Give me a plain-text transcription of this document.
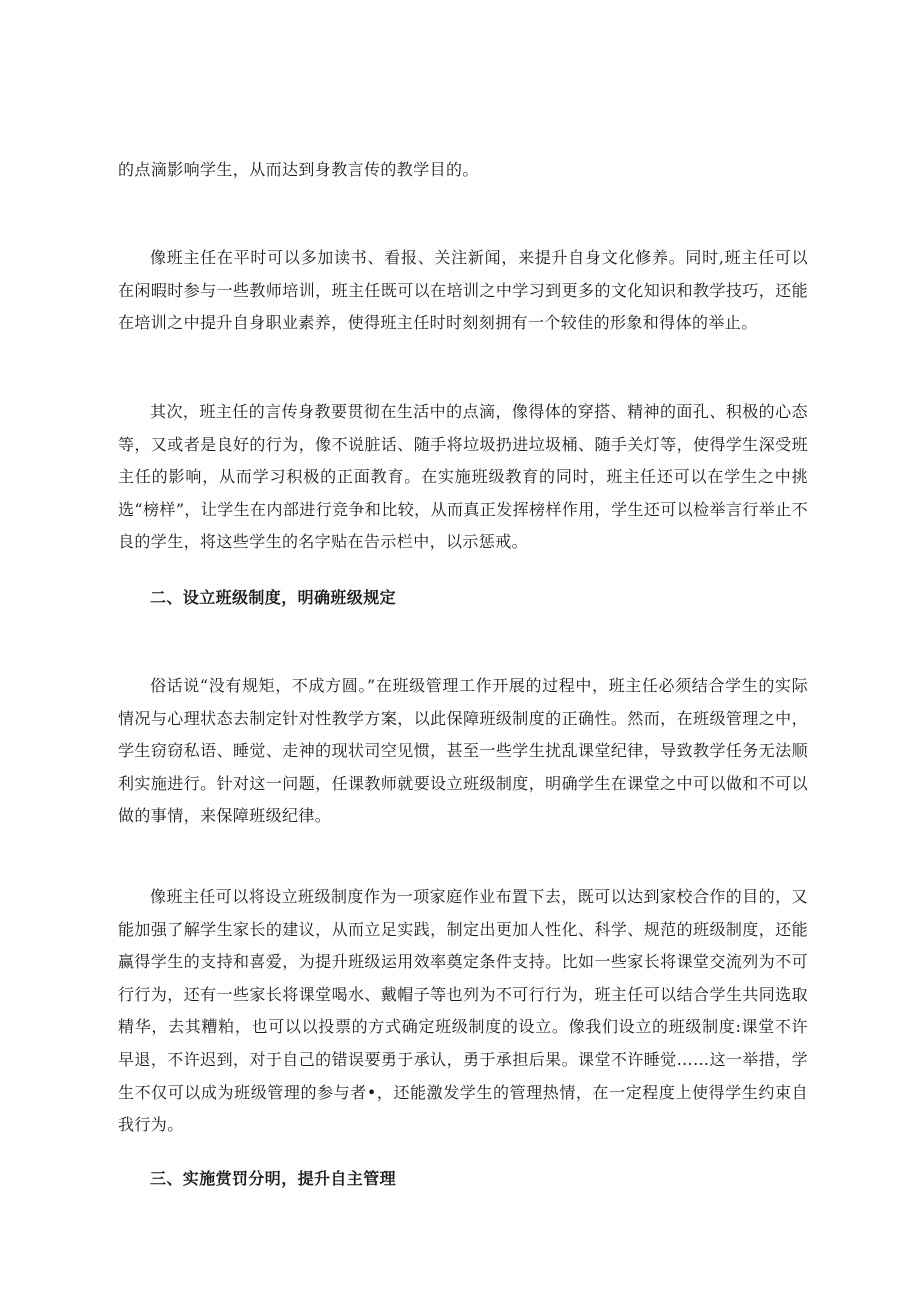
的点滴影响学生，从而达到身教言传的教学目的。

像班主任在平时可以多加读书、看报、关注新闻，来提升自身文化修养。同时,班主任可以在闲暇时参与一些教师培训，班主任既可以在培训之中学习到更多的文化知识和教学技巧，还能在培训之中提升自身职业素养，使得班主任时时刻刻拥有一个较佳的形象和得体的举止。

其次，班主任的言传身教要贯彻在生活中的点滴，像得体的穿搭、精神的面孔、积极的心态等，又或者是良好的行为，像不说脏话、随手将垃圾扔进垃圾桶、随手关灯等，使得学生深受班主任的影响，从而学习积极的正面教育。在实施班级教育的同时，班主任还可以在学生之中挑选“榜样”，让学生在内部进行竞争和比较，从而真正发挥榜样作用，学生还可以检举言行举止不良的学生，将这些学生的名字贴在告示栏中，以示惩戒。

二、设立班级制度，明确班级规定

俗话说“没有规矩，不成方圆。”在班级管理工作开展的过程中，班主任必须结合学生的实际情况与心理状态去制定针对性教学方案，以此保障班级制度的正确性。然而，在班级管理之中，学生窃窃私语、睡觉、走神的现状司空见惯，甚至一些学生扰乱课堂纪律，导致教学任务无法顺利实施进行。针对这一问题，任课教师就要设立班级制度，明确学生在课堂之中可以做和不可以做的事情，来保障班级纪律。

像班主任可以将设立班级制度作为一项家庭作业布置下去，既可以达到家校合作的目的，又能加强了解学生家长的建议，从而立足实践，制定出更加人性化、科学、规范的班级制度，还能赢得学生的支持和喜爱，为提升班级运用效率奠定条件支持。比如一些家长将课堂交流列为不可行行为，还有一些家长将课堂喝水、戴帽子等也列为不可行行为，班主任可以结合学生共同选取精华，去其糟粕，也可以以投票的方式确定班级制度的设立。像我们设立的班级制度:课堂不许早退，不许迟到，对于自己的错误要勇于承认，勇于承担后果。课堂不许睡觉……这一举措，学生不仅可以成为班级管理的参与者•，还能激发学生的管理热情，在一定程度上使得学生约束自我行为。

三、实施赏罚分明，提升自主管理
